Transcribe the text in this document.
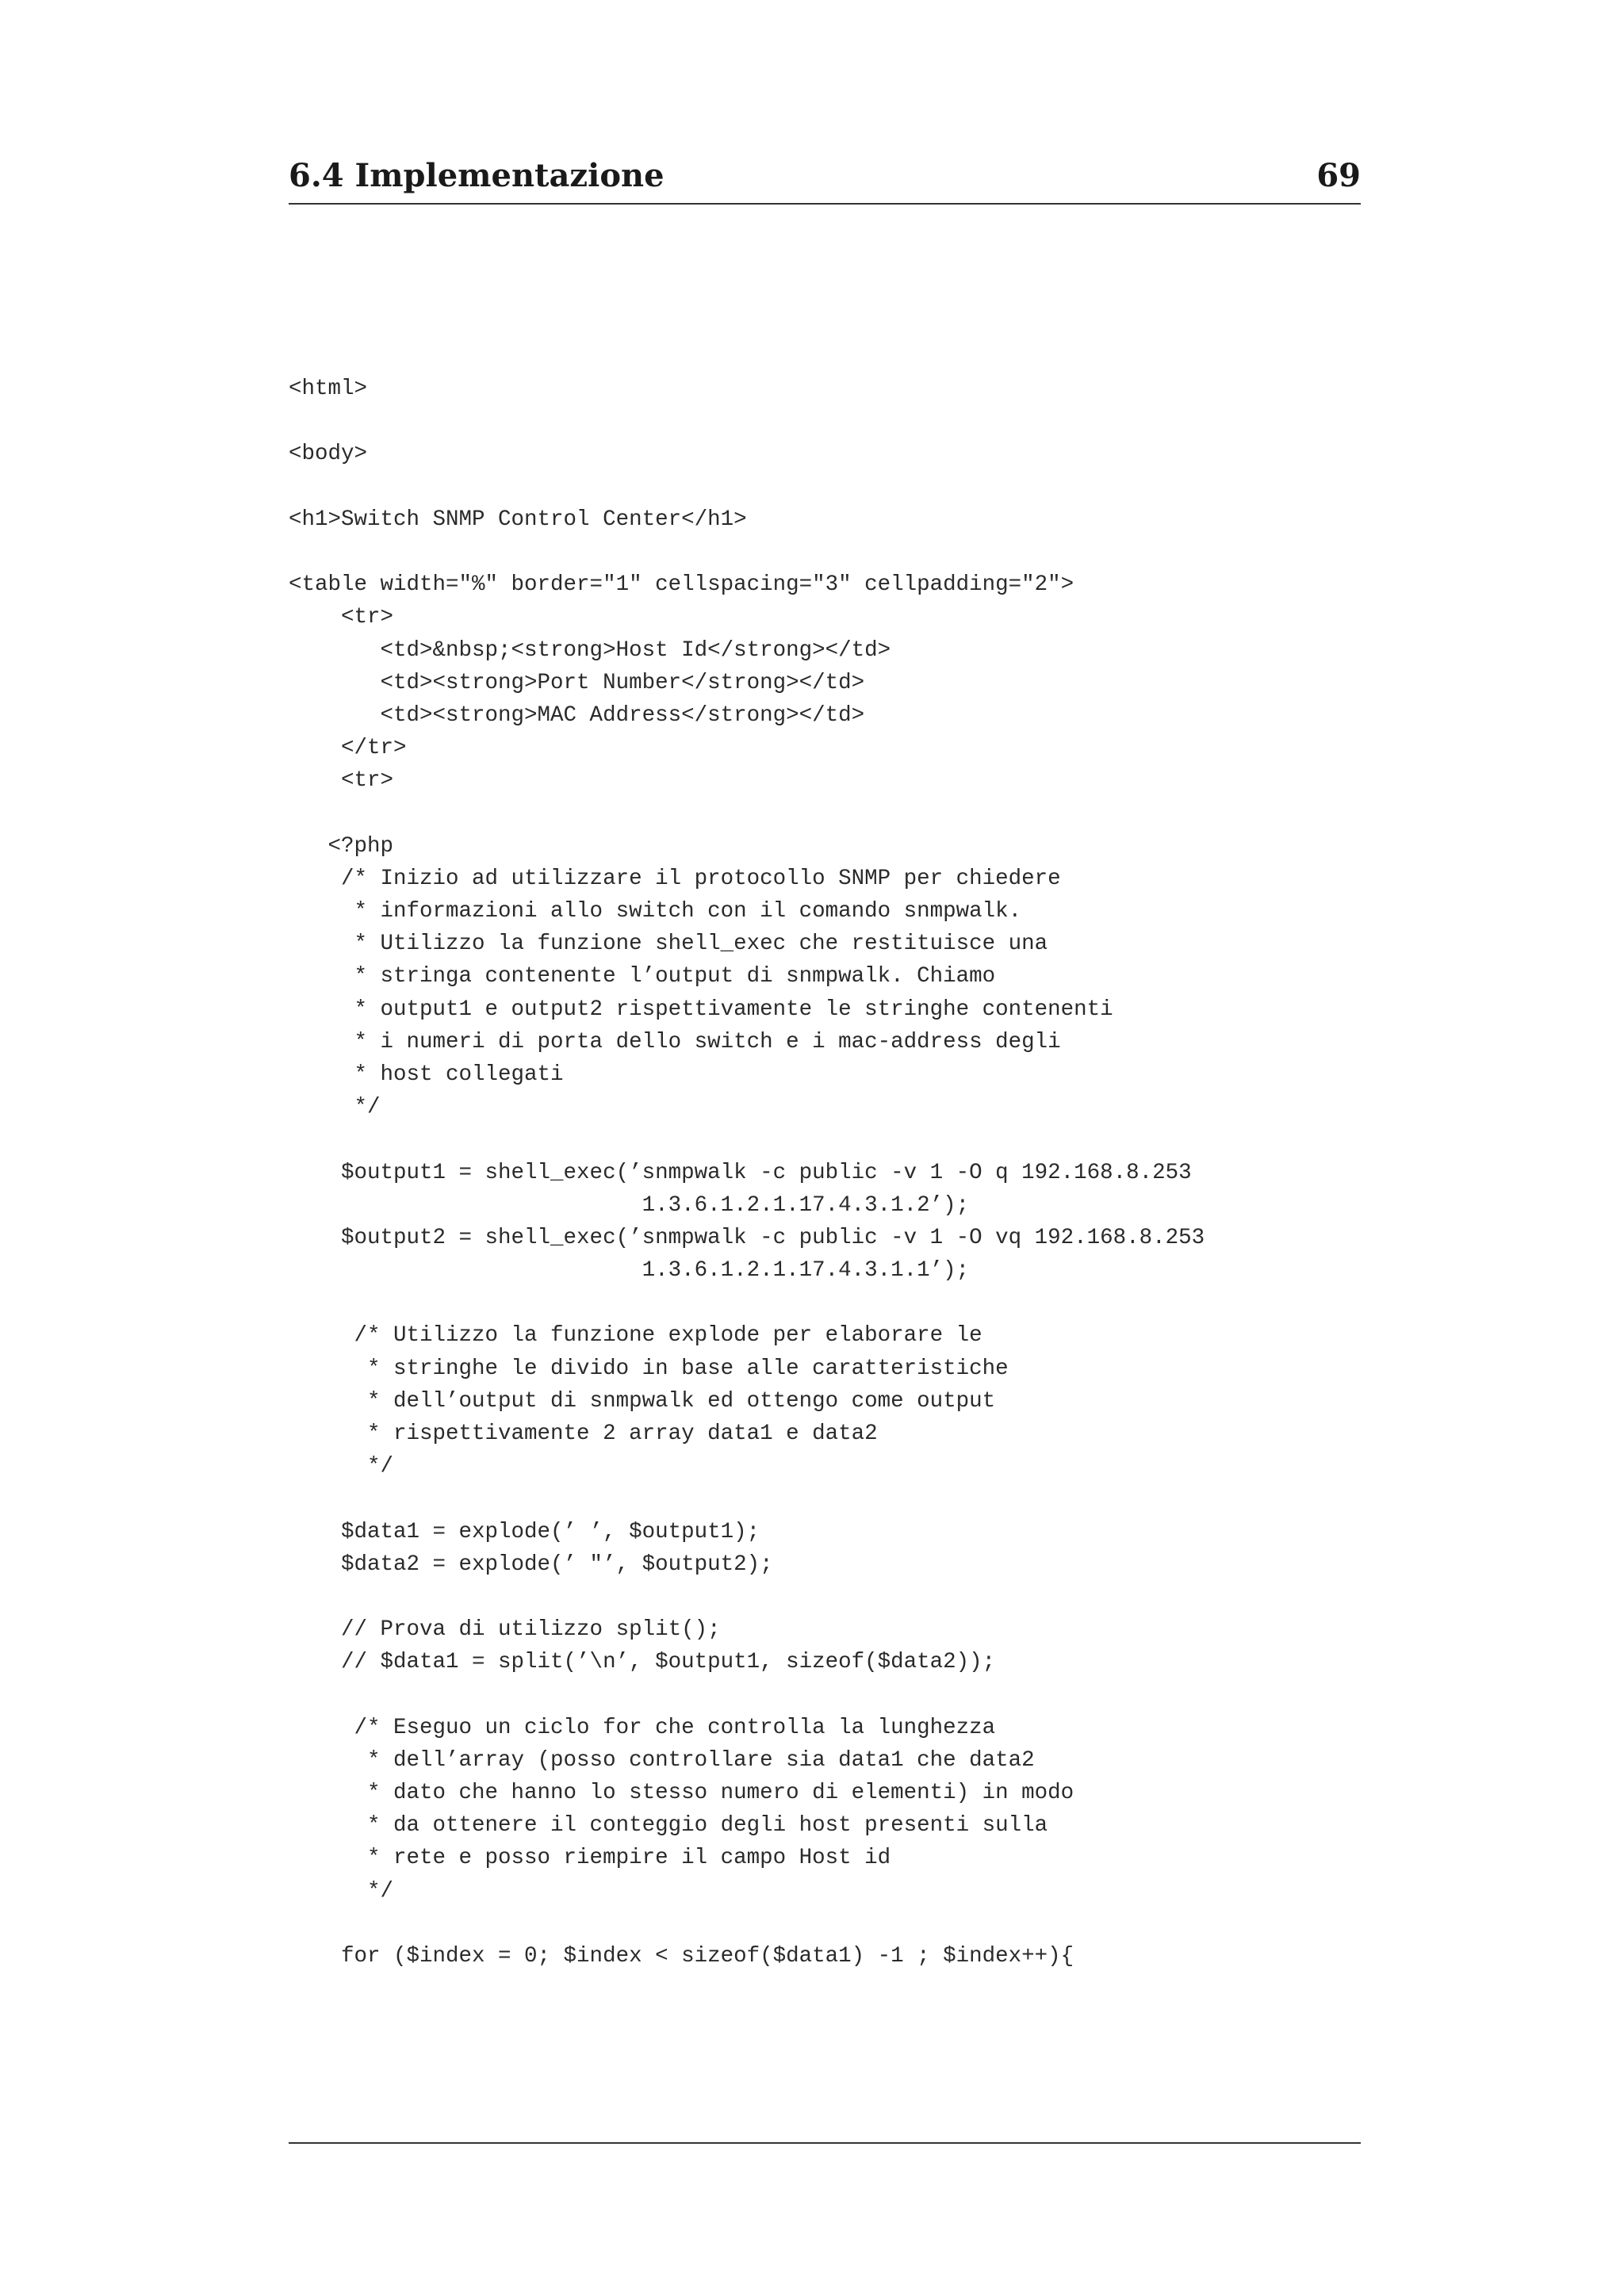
6.4 Implementazione	69
<html>
<body>
<h1>Switch SNMP Control Center</h1>
<table width="%" border="1" cellspacing="3" cellpadding="2">
<tr>
<td>&nbsp;<strong>Host Id</strong></td>
<td><strong>Port Number</strong></td>
<td><strong>MAC Address</strong></td>
</tr>
<tr>
<?php
/* Inizio ad utilizzare il protocollo SNMP per chiedere
* informazioni allo switch con il comando snmpwalk.
* Utilizzo la funzione shell_exec che restituisce una
* stringa contenente l’output di snmpwalk. Chiamo
* output1 e output2 rispettivamente le stringhe contenenti
* i numeri di porta dello switch e i mac-address degli
* host collegati
*/
$output1 = shell_exec(’snmpwalk -c public -v 1 -O q 192.168.8.253
1.3.6.1.2.1.17.4.3.1.2’);
$output2 = shell_exec(’snmpwalk -c public -v 1 -O vq 192.168.8.253
1.3.6.1.2.1.17.4.3.1.1’);
/* Utilizzo la funzione explode per elaborare le
* stringhe le divido in base alle caratteristiche
* dell’output di snmpwalk ed ottengo come output
* rispettivamente 2 array data1 e data2
*/
$data1 = explode(’ ’, $output1);
$data2 = explode(’ "’, $output2);
// Prova di utilizzo split();
// $data1 = split(’\n’, $output1, sizeof($data2));
/* Eseguo un ciclo for che controlla la lunghezza
* dell’array (posso controllare sia data1 che data2
* dato che hanno lo stesso numero di elementi) in modo
* da ottenere il conteggio degli host presenti sulla
* rete e posso riempire il campo Host id
*/
for ($index = 0; $index < sizeof($data1) -1 ; $index++){
